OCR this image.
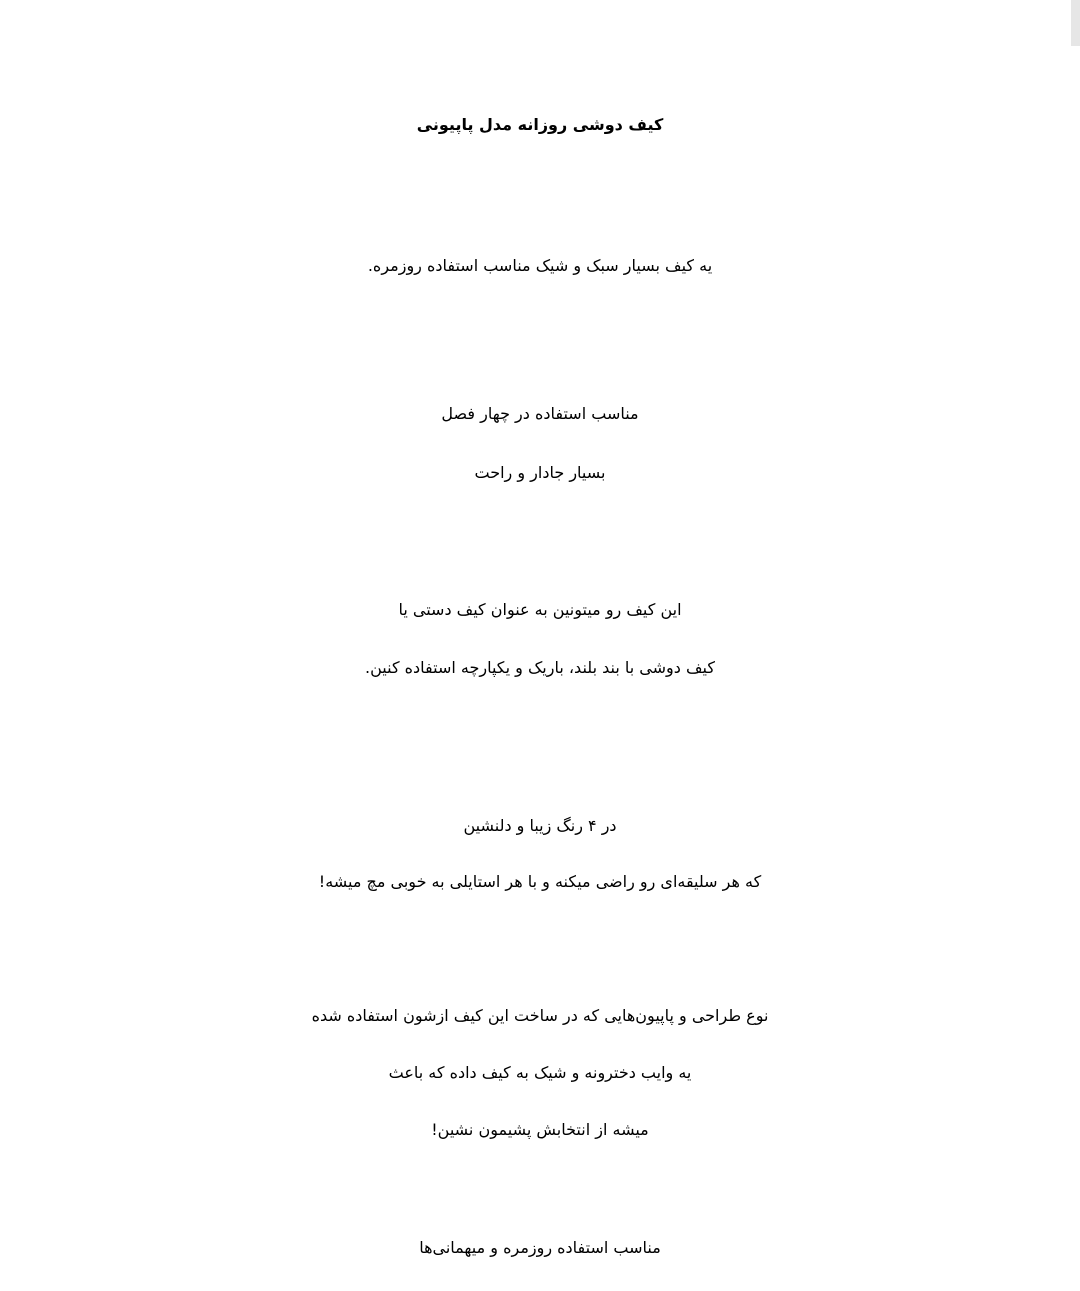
کیف دوشی روزانه مدل پاپیونی
یه کیف بسیار سبک و شیک مناسب استفاده روزمره.
مناسب استفاده در چهار فصل
بسیار جادار و راحت
این کیف رو میتونین به عنوان کیف دستی یا
کیف دوشی با بند بلند، باریک و یکپارچه استفاده کنین.
در ۴ رنگ زیبا و دلنشین
که هر سلیقه‌ای رو راضی میکنه و با هر استایلی به خوبی مچ میشه!
نوع طراحی و پاپیون‌هایی که در ساخت این کیف ازشون استفاده شده
یه وایب دخترونه و شیک به کیف داده که باعث
میشه از انتخابش پشیمون نشین!
مناسب استفاده روزمره و میهمانی‌ها
